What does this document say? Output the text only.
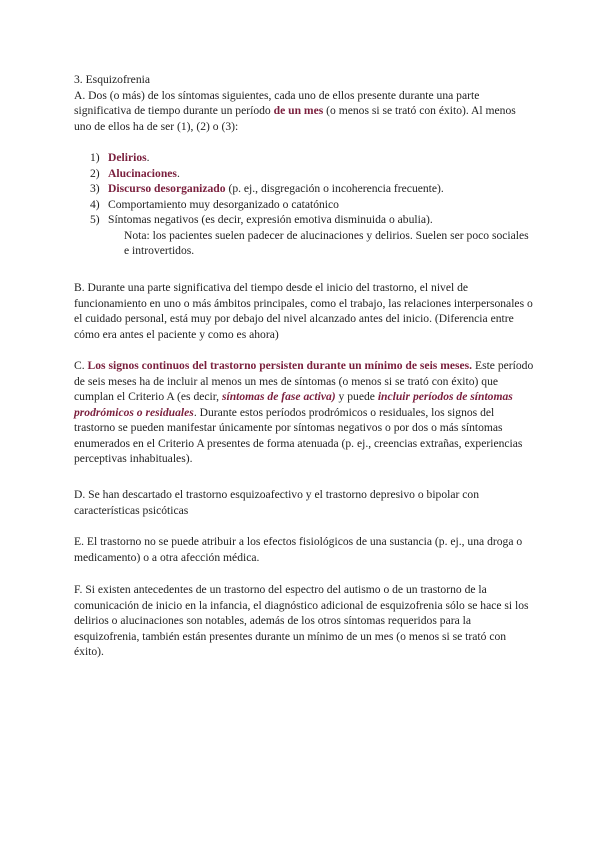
3. Esquizofrenia
A. Dos (o más) de los síntomas siguientes, cada uno de ellos presente durante una parte significativa de tiempo durante un período de un mes (o menos si se trató con éxito). Al menos uno de ellos ha de ser (1), (2) o (3):
1) Delirios.
2) Alucinaciones.
3) Discurso desorganizado (p. ej., disgregación o incoherencia frecuente).
4) Comportamiento muy desorganizado o catatónico
5) Síntomas negativos (es decir, expresión emotiva disminuida o abulia).
Nota: los pacientes suelen padecer de alucinaciones y delirios. Suelen ser poco sociales e introvertidos.
B. Durante una parte significativa del tiempo desde el inicio del trastorno, el nivel de funcionamiento en uno o más ámbitos principales, como el trabajo, las relaciones interpersonales o el cuidado personal, está muy por debajo del nivel alcanzado antes del inicio. (Diferencia entre cómo era antes el paciente y como es ahora)
C. Los signos continuos del trastorno persisten durante un mínimo de seis meses. Este período de seis meses ha de incluir al menos un mes de síntomas (o menos si se trató con éxito) que cumplan el Criterio A (es decir, síntomas de fase activa) y puede incluir períodos de síntomas prodrómicos o residuales. Durante estos períodos prodrómicos o residuales, los signos del trastorno se pueden manifestar únicamente por síntomas negativos o por dos o más síntomas enumerados en el Criterio A presentes de forma atenuada (p. ej., creencias extrañas, experiencias perceptivas inhabituales).
D. Se han descartado el trastorno esquizoafectivo y el trastorno depresivo o bipolar con características psicóticas
E. El trastorno no se puede atribuir a los efectos fisiológicos de una sustancia (p. ej., una droga o medicamento) o a otra afección médica.
F. Si existen antecedentes de un trastorno del espectro del autismo o de un trastorno de la comunicación de inicio en la infancia, el diagnóstico adicional de esquizofrenia sólo se hace si los delirios o alucinaciones son notables, además de los otros síntomas requeridos para la esquizofrenia, también están presentes durante un mínimo de un mes (o menos si se trató con éxito).
